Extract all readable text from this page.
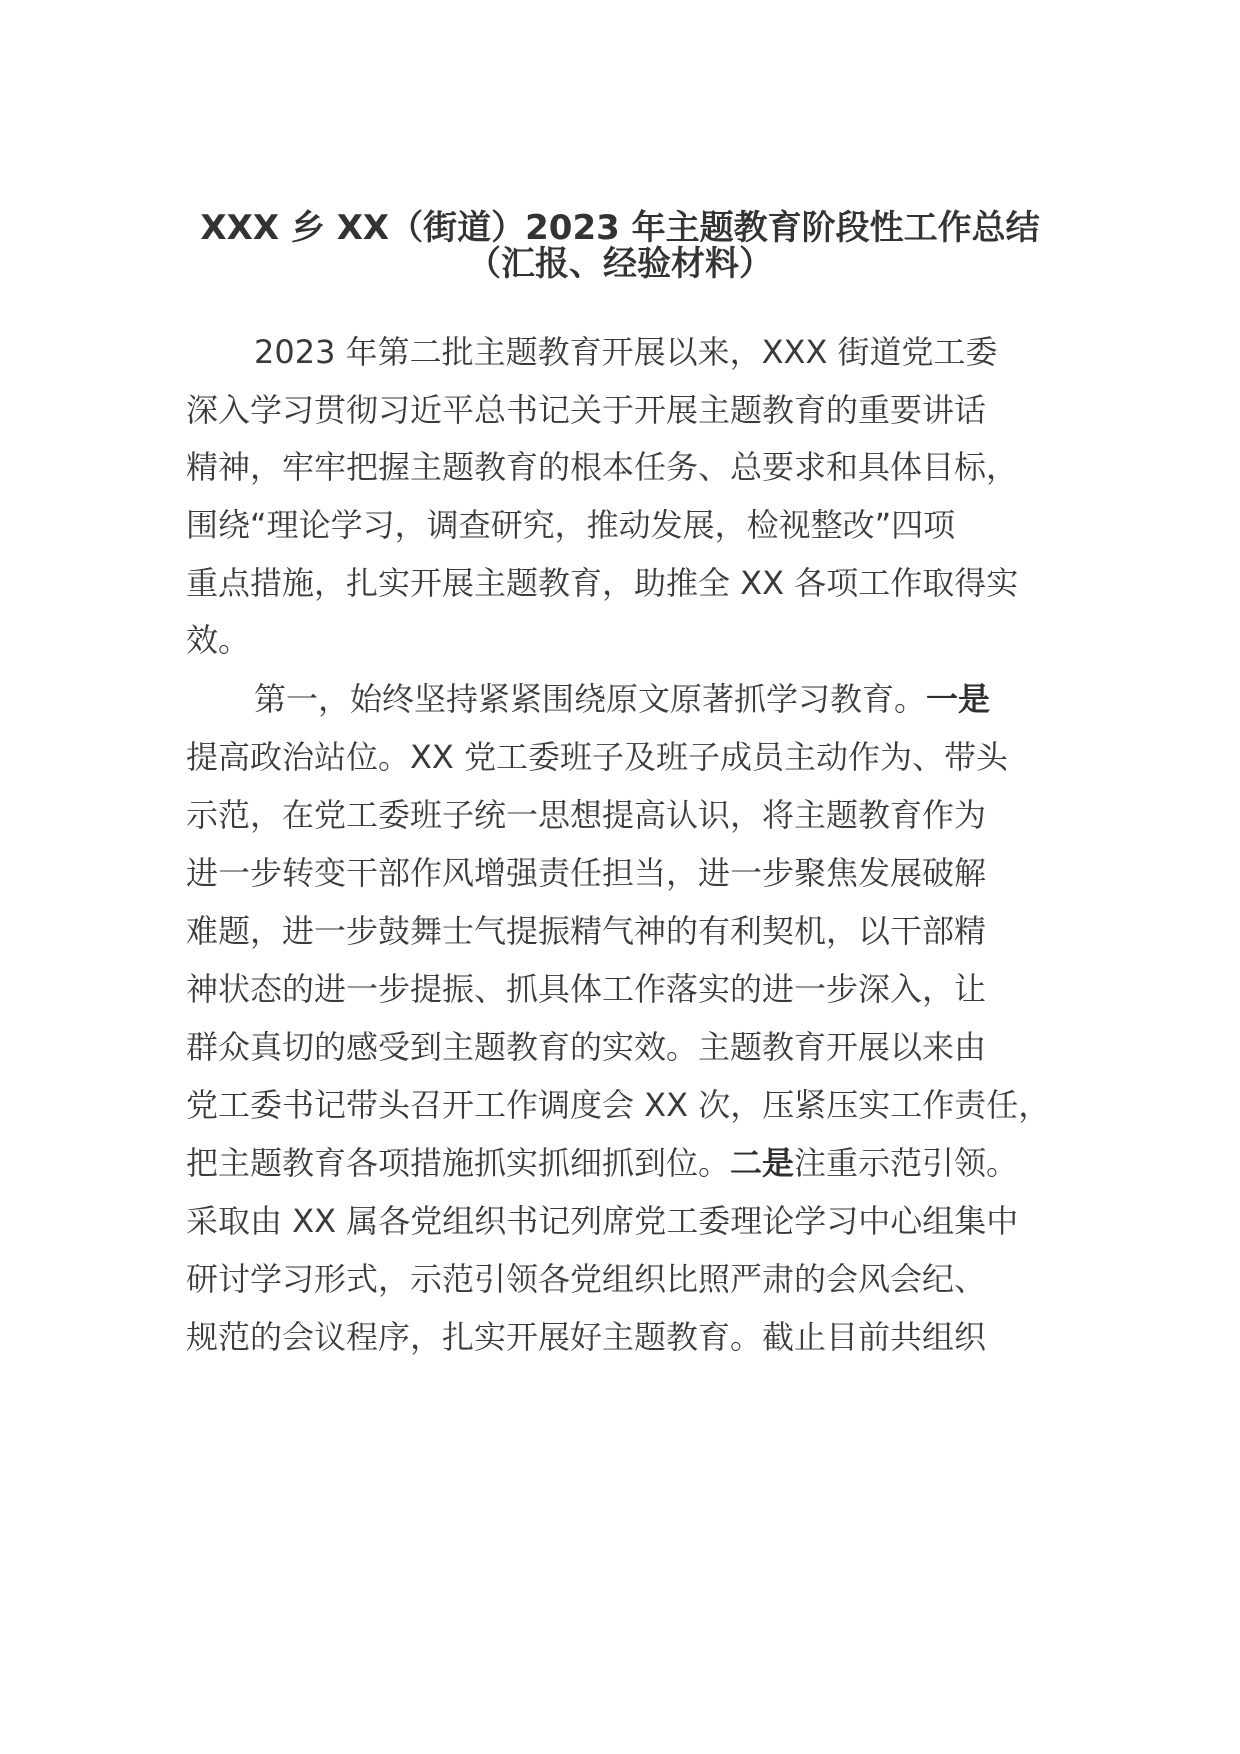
XXX 乡 XX（街道）2023 年主题教育阶段性工作总结
（汇报、经验材料）
2023 年第二批主题教育开展以来，XXX 街道党工委
深入学习贯彻习近平总书记关于开展主题教育的重要讲话
精神，牢牢把握主题教育的根本任务、总要求和具体目标，
围绕“理论学习，调查研究，推动发展，检视整改”四项
重点措施，扎实开展主题教育，助推全 XX 各项工作取得实
效。
第一，始终坚持紧紧围绕原文原著抓学习教育。一是
提高政治站位。XX 党工委班子及班子成员主动作为、带头
示范，在党工委班子统一思想提高认识，将主题教育作为
进一步转变干部作风增强责任担当，进一步聚焦发展破解
难题，进一步鼓舞士气提振精气神的有利契机，以干部精
神状态的进一步提振、抓具体工作落实的进一步深入，让
群众真切的感受到主题教育的实效。主题教育开展以来由
党工委书记带头召开工作调度会 XX 次，压紧压实工作责任，
把主题教育各项措施抓实抓细抓到位。二是注重示范引领。
采取由 XX 属各党组织书记列席党工委理论学习中心组集中
研讨学习形式，示范引领各党组织比照严肃的会风会纪、
规范的会议程序，扎实开展好主题教育。截止目前共组织
